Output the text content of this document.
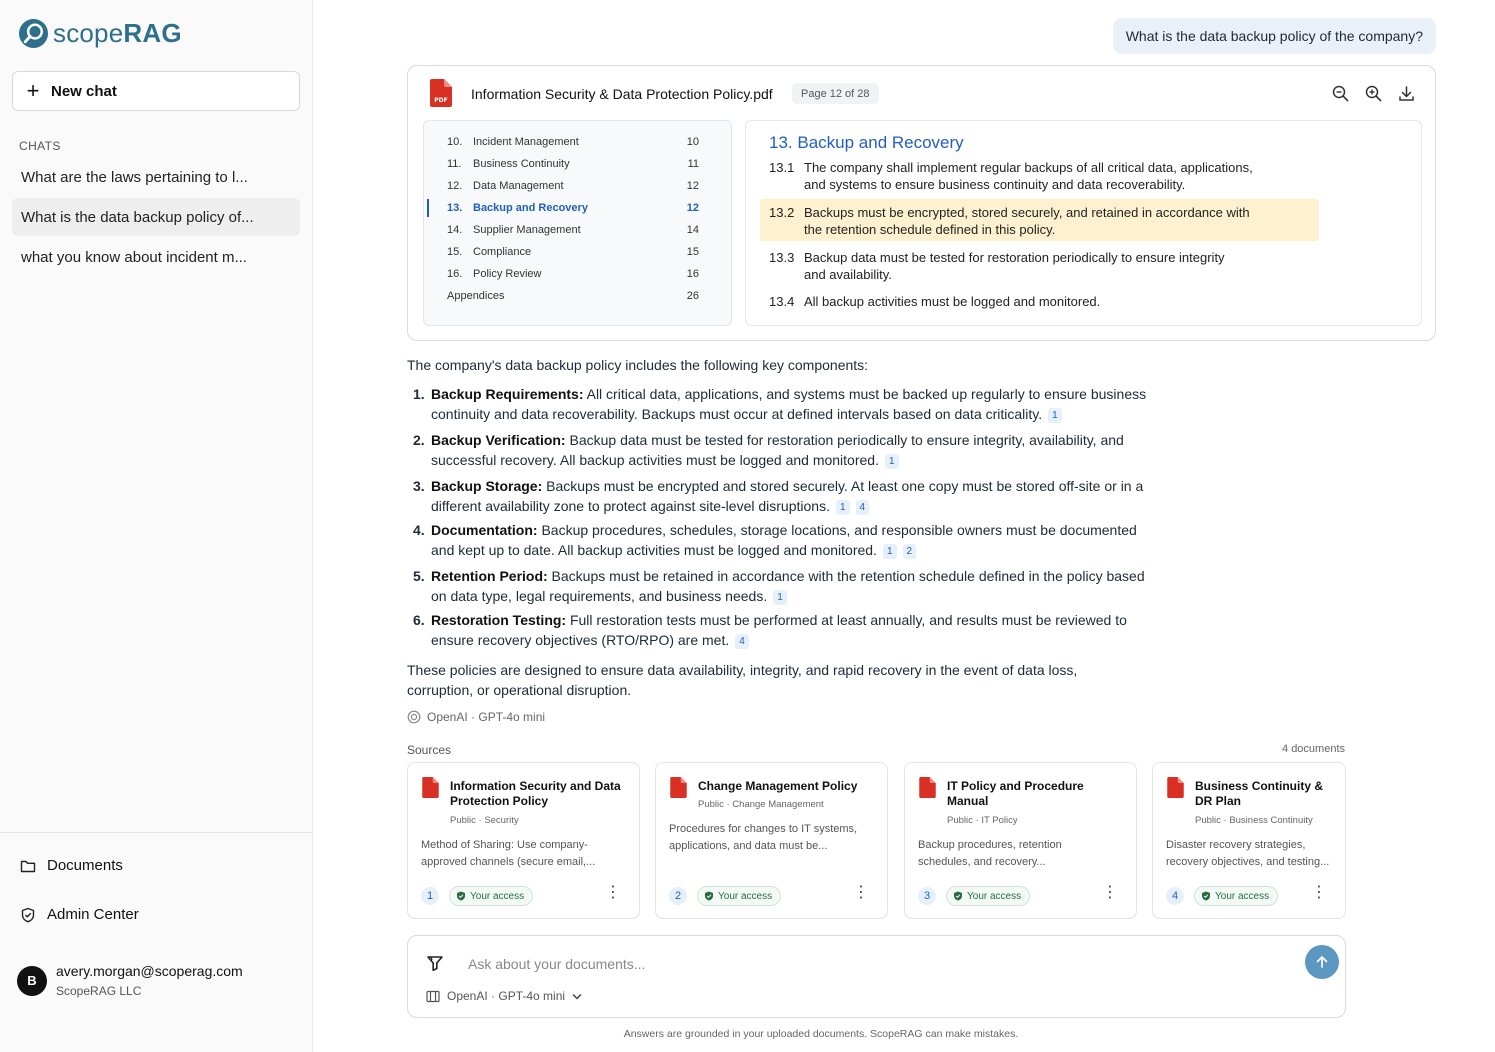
scopeRAG
+ New chat
CHATS
What are the laws pertaining to l...
What is the data backup policy of...
what you know about incident m...
Documents
Admin Center
B
avery.morgan@scoperag.com
ScopeRAG LLC
What is the data backup policy of the company?
PDF Information Security & Data Protection Policy.pdf	Page 12 of 28
10. Incident Management	10
11. Business Continuity	11
12. Data Management	12
13. Backup and Recovery	12
14. Supplier Management	14
15. Compliance	15
16. Policy Review	16
Appendices	26
13. Backup and Recovery
13.1 The company shall implement regular backups of all critical data, applications,
and systems to ensure business continuity and data recoverability.
13.2 Backups must be encrypted, stored securely, and retained in accordance with
the retention schedule defined in this policy.
13.3 Backup data must be tested for restoration periodically to ensure integrity
and availability.
13.4 All backup activities must be logged and monitored.
The company's data backup policy includes the following key components:
1. Backup Requirements: All critical data, applications, and systems must be backed up regularly to ensure business continuity and data recoverability. Backups must occur at defined intervals based on data criticality. 1
2. Backup Verification: Backup data must be tested for restoration periodically to ensure integrity, availability, and successful recovery. All backup activities must be logged and monitored. 1
3. Backup Storage: Backups must be encrypted and stored securely. At least one copy must be stored off-site or in a different availability zone to protect against site-level disruptions. 1 4
4. Documentation: Backup procedures, schedules, storage locations, and responsible owners must be documented and kept up to date. All backup activities must be logged and monitored. 1 2
5. Retention Period: Backups must be retained in accordance with the retention schedule defined in the policy based on data type, legal requirements, and business needs. 1
6. Restoration Testing: Full restoration tests must be performed at least annually, and results must be reviewed to ensure recovery objectives (RTO/RPO) are met. 4
These policies are designed to ensure data availability, integrity, and rapid recovery in the event of data loss, corruption, or operational disruption.
OpenAI · GPT-4o mini
Sources	4 documents
Information Security and Data Protection Policy
Public · Security
Method of Sharing: Use company-
approved channels (secure email,...
1	Your access	⋮
Change Management Policy
Public · Change Management
Procedures for changes to IT systems,
applications, and data must be...
2	Your access	⋮
IT Policy and Procedure Manual
Public · IT Policy
Backup procedures, retention
schedules, and recovery...
3	Your access	⋮
Business Continuity & DR Plan
Public · Business Continuity
Disaster recovery strategies,
recovery objectives, and testing...
4	Your access	⋮
Ask about your documents...
OpenAI · GPT-4o mini
Answers are grounded in your uploaded documents. ScopeRAG can make mistakes.
